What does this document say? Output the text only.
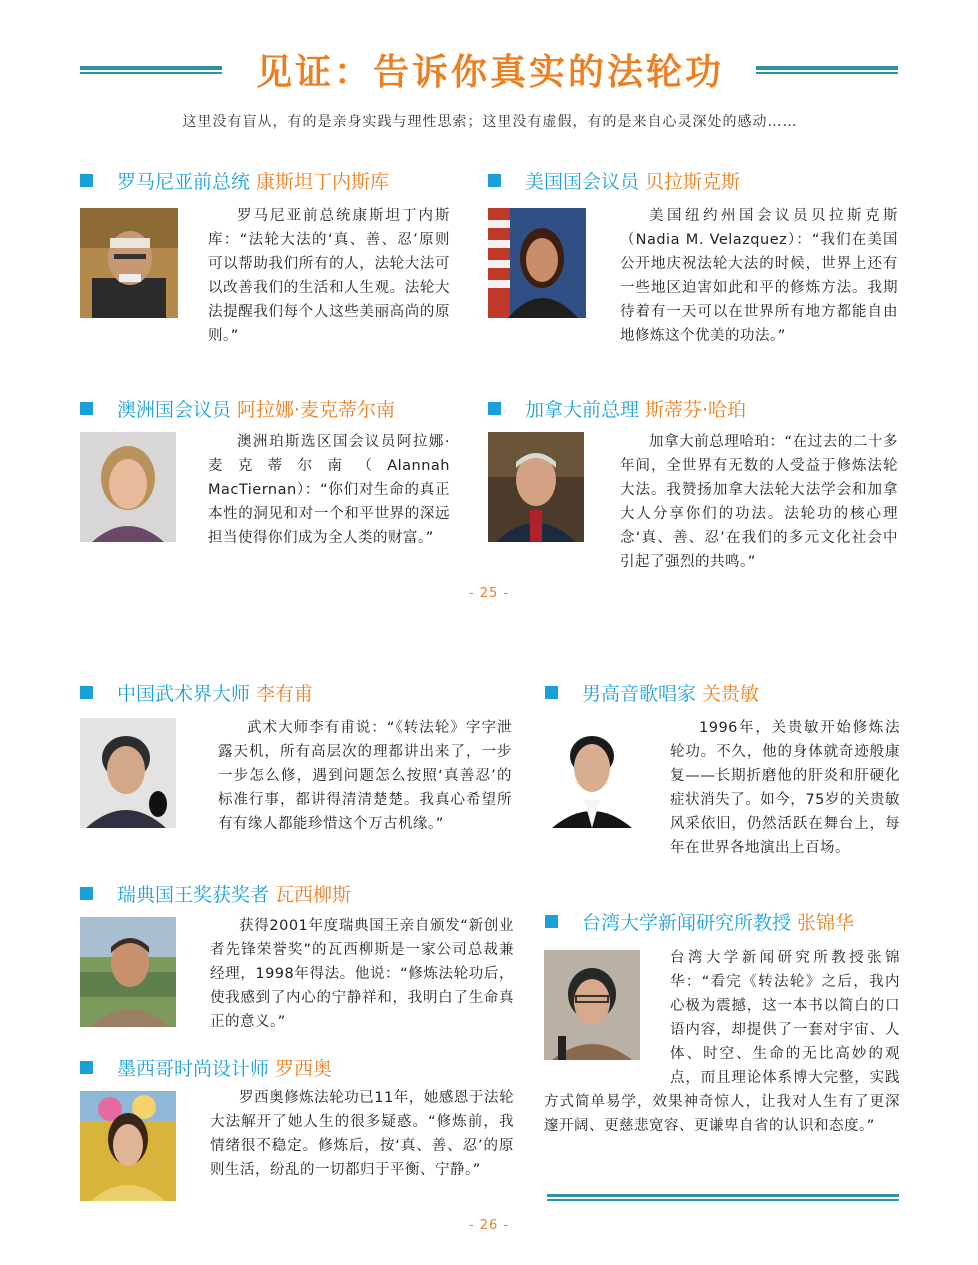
见证：告诉你真实的法轮功
这里没有盲从，有的是亲身实践与理性思索；这里没有虚假，有的是来自心灵深处的感动……
罗马尼亚前总统 康斯坦丁内斯库
罗马尼亚前总统康斯坦丁内斯库：“法轮大法的‘真、善、忍’原则可以帮助我们所有的人，法轮大法可以改善我们的生活和人生观。法轮大法提醒我们每个人这些美丽高尚的原则。”
美国国会议员 贝拉斯克斯
美国纽约州国会议员贝拉斯克斯（Nadia M. Velazquez）：“我们在美国公开地庆祝法轮大法的时候，世界上还有一些地区迫害如此和平的修炼方法。我期待着有一天可以在世界所有地方都能自由地修炼这个优美的功法。”
澳洲国会议员 阿拉娜·麦克蒂尔南
澳洲珀斯选区国会议员阿拉娜·麦克蒂尔南（Alannah MacTiernan）：“你们对生命的真正本性的洞见和对一个和平世界的深远担当使得你们成为全人类的财富。”
加拿大前总理 斯蒂芬·哈珀
加拿大前总理哈珀：“在过去的二十多年间，全世界有无数的人受益于修炼法轮大法。我赞扬加拿大法轮大法学会和加拿大人分享你们的功法。法轮功的核心理念‘真、善、忍’在我们的多元文化社会中引起了强烈的共鸣。”
- 25 -
中国武术界大师 李有甫
武术大师李有甫说：“《转法轮》字字泄露天机，所有高层次的理都讲出来了，一步一步怎么修，遇到问题怎么按照‘真善忍’的标准行事，都讲得清清楚楚。我真心希望所有有缘人都能珍惜这个万古机缘。”
男高音歌唱家 关贵敏
1996年，关贵敏开始修炼法轮功。不久，他的身体就奇迹般康复——长期折磨他的肝炎和肝硬化症状消失了。如今，75岁的关贵敏风采依旧，仍然活跃在舞台上，每年在世界各地演出上百场。
瑞典国王奖获奖者 瓦西柳斯
获得2001年度瑞典国王亲自颁发“新创业者先锋荣誉奖”的瓦西柳斯是一家公司总裁兼经理，1998年得法。他说：“修炼法轮功后，使我感到了内心的宁静祥和，我明白了生命真正的意义。”
台湾大学新闻研究所教授 张锦华
台湾大学新闻研究所教授张锦华：“看完《转法轮》之后，我内心极为震撼，这一本书以简白的口语内容，却提供了一套对宇宙、人体、时空、生命的无比高妙的观点，而且理论体系博大完整，实践方式简单易学，效果神奇惊人，让我对人生有了更深邃开阔、更慈悲宽容、更谦卑自省的认识和态度。”
墨西哥时尚设计师 罗西奥
罗西奥修炼法轮功已11年，她感恩于法轮大法解开了她人生的很多疑惑。“修炼前，我情绪很不稳定。修炼后，按‘真、善、忍’的原则生活，纷乱的一切都归于平衡、宁静。”
- 26 -
